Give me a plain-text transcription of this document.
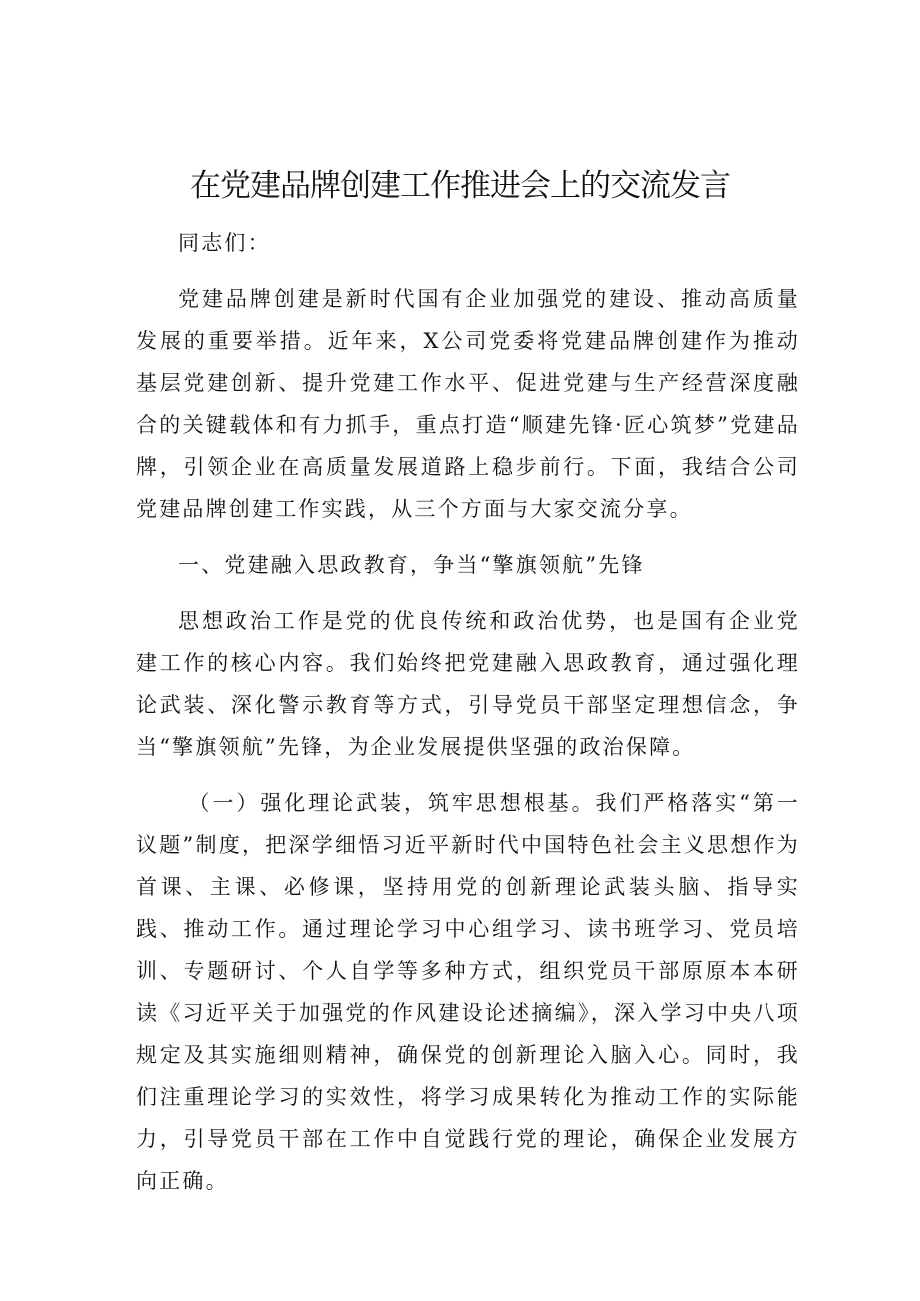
在党建品牌创建工作推进会上的交流发言

同志们：

党建品牌创建是新时代国有企业加强党的建设、推动高质量发展的重要举措。近年来，X公司党委将党建品牌创建作为推动基层党建创新、提升党建工作水平、促进党建与生产经营深度融合的关键载体和有力抓手，重点打造“顺建先锋·匠心筑梦”党建品牌，引领企业在高质量发展道路上稳步前行。下面，我结合公司党建品牌创建工作实践，从三个方面与大家交流分享。

一、党建融入思政教育，争当“擎旗领航”先锋

思想政治工作是党的优良传统和政治优势，也是国有企业党建工作的核心内容。我们始终把党建融入思政教育，通过强化理论武装、深化警示教育等方式，引导党员干部坚定理想信念，争当“擎旗领航”先锋，为企业发展提供坚强的政治保障。

（一）强化理论武装，筑牢思想根基。我们严格落实“第一议题”制度，把深学细悟习近平新时代中国特色社会主义思想作为首课、主课、必修课，坚持用党的创新理论武装头脑、指导实践、推动工作。通过理论学习中心组学习、读书班学习、党员培训、专题研讨、个人自学等多种方式，组织党员干部原原本本研读《习近平关于加强党的作风建设论述摘编》，深入学习中央八项规定及其实施细则精神，确保党的创新理论入脑入心。同时，我们注重理论学习的实效性，将学习成果转化为推动工作的实际能力，引导党员干部在工作中自觉践行党的理论，确保企业发展方向正确。
